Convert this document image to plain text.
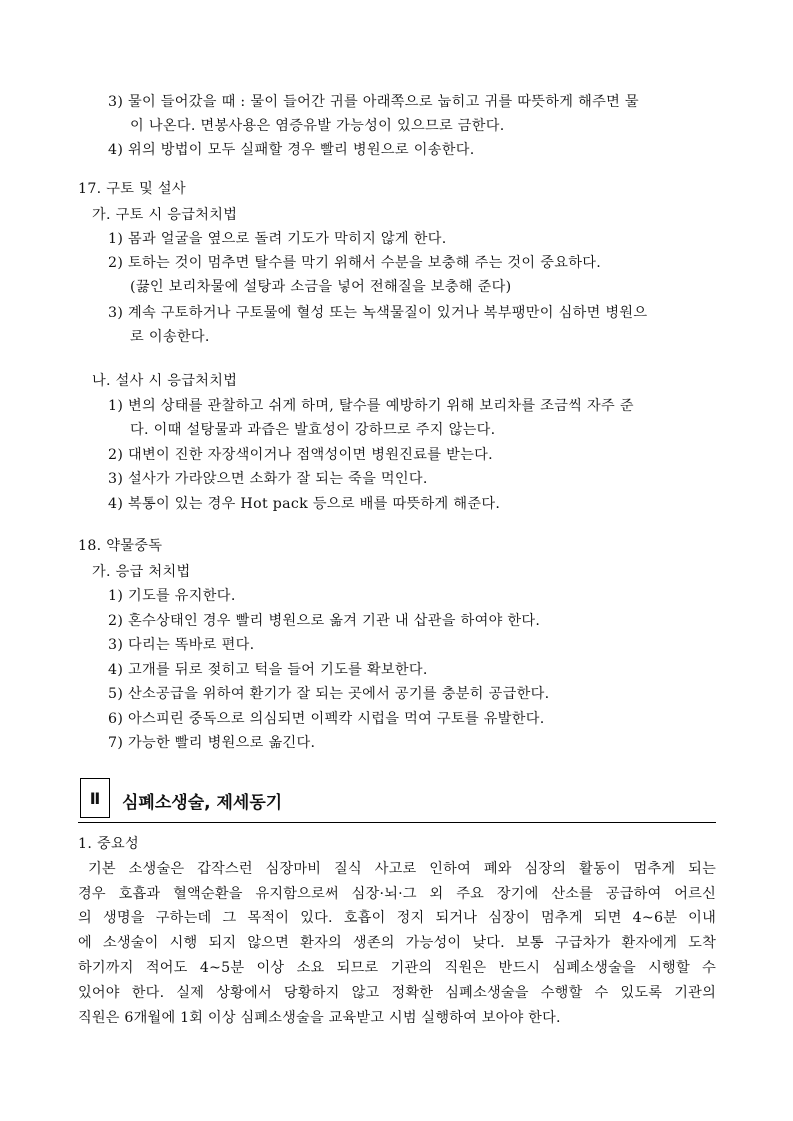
3) 물이 들어갔을 때 : 물이 들어간 귀를 아래쪽으로 눕히고 귀를 따뜻하게 해주면 물
이 나온다. 면봉사용은 염증유발 가능성이 있으므로 금한다.
4) 위의 방법이 모두 실패할 경우 빨리 병원으로 이송한다.
17. 구토 및 설사
가. 구토 시 응급처치법
1) 몸과 얼굴을 옆으로 돌려 기도가 막히지 않게 한다.
2) 토하는 것이 멈추면 탈수를 막기 위해서 수분을 보충해 주는 것이 중요하다.
(끓인 보리차물에 설탕과 소금을 넣어 전해질을 보충해 준다)
3) 계속 구토하거나 구토물에 혈성 또는 녹색물질이 있거나 복부팽만이 심하면 병원으
로 이송한다.
나. 설사 시 응급처치법
1) 변의 상태를 관찰하고 쉬게 하며, 탈수를 예방하기 위해 보리차를 조금씩 자주 준
다. 이때 설탕물과 과즙은 발효성이 강하므로 주지 않는다.
2) 대변이 진한 자장색이거나 점액성이면 병원진료를 받는다.
3) 설사가 가라앉으면 소화가 잘 되는 죽을 먹인다.
4) 복통이 있는 경우 Hot pack 등으로 배를 따뜻하게 해준다.
18. 약물중독
가. 응급 처치법
1) 기도를 유지한다.
2) 혼수상태인 경우 빨리 병원으로 옮겨 기관 내 삽관을 하여야 한다.
3) 다리는 똑바로 편다.
4) 고개를 뒤로 젖히고 턱을 들어 기도를 확보한다.
5) 산소공급을 위하여 환기가 잘 되는 곳에서 공기를 충분히 공급한다.
6) 아스피린 중독으로 의심되면 이펙칵 시럽을 먹여 구토를 유발한다.
7) 가능한 빨리 병원으로 옮긴다.
Ⅱ	심폐소생술, 제세동기
1. 중요성
기본 소생술은 갑작스런 심장마비 질식 사고로 인하여 폐와 심장의 활동이 멈추게 되는
경우 호흡과 혈액순환을 유지함으로써 심장·뇌·그 외 주요 장기에 산소를 공급하여 어르신
의 생명을 구하는데 그 목적이 있다. 호흡이 정지 되거나 심장이 멈추게 되면 4~6분 이내
에 소생술이 시행 되지 않으면 환자의 생존의 가능성이 낮다. 보통 구급차가 환자에게 도착
하기까지 적어도 4~5분 이상 소요 되므로 기관의 직원은 반드시 심폐소생술을 시행할 수
있어야 한다. 실제 상황에서 당황하지 않고 정확한 심폐소생술을 수행할 수 있도록 기관의
직원은 6개월에 1회 이상 심폐소생술을 교육받고 시범 실행하여 보아야 한다.
